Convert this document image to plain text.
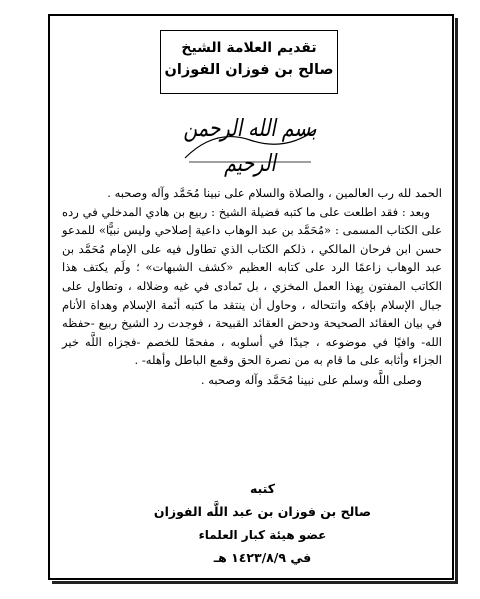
تقديم العلامة الشيخ
صالح بن فوزان الفوزان
بسم الله الرحمن الرحيم

الحمد لله رب العالمين ، والصلاة والسلام على نبينا مُحَمَّد وآله وصحبه .

وبعد : فقد اطلعت على ما كتبه فضيلة الشيخ : ربيع بن هادي المدخلي في رده على الكتاب المسمى : «مُحَمَّد بن عبد الوهاب داعية إصلاحي وليس نبيًّا» للمدعو حسن ابن فرحان المالكي ، ذلكم الكتاب الذي تطاول فيه على الإمام مُحَمَّد بن عبد الوهاب زاعمًا الرد على كتابه العظيم «كشف الشبهات» ؛ ولَم يكتف هذا الكاتب المفتون بِهذا العمل المخزي ، بل تَمادى في غيه وضلاله ، وتطاول على جبال الإسلام بإفكه وانتحاله ، وحاول أن ينتقد ما كتبه أئمة الإسلام وهداة الأنام في بيان العقائد الصحيحة ودحض العقائد القبيحة ، فوجدت رد الشيخ ربيع -حفظه الله- وافيًا في موضوعه ، جيدًا في أسلوبه ، مفحمًا للخصم -فجزاه اللَّه خير الجزاء وأثابه على ما قام به من نصرة الحق وقمع الباطل وأهله- .

وصلى اللَّه وسلم على نبينا مُحَمَّد وآله وصحبه .

كتبه
صالح بن فوزان بن عبد اللَّه الفوزان
عضو هيئة كبار العلماء
في ١٤٢٣/٨/٩ هـ
